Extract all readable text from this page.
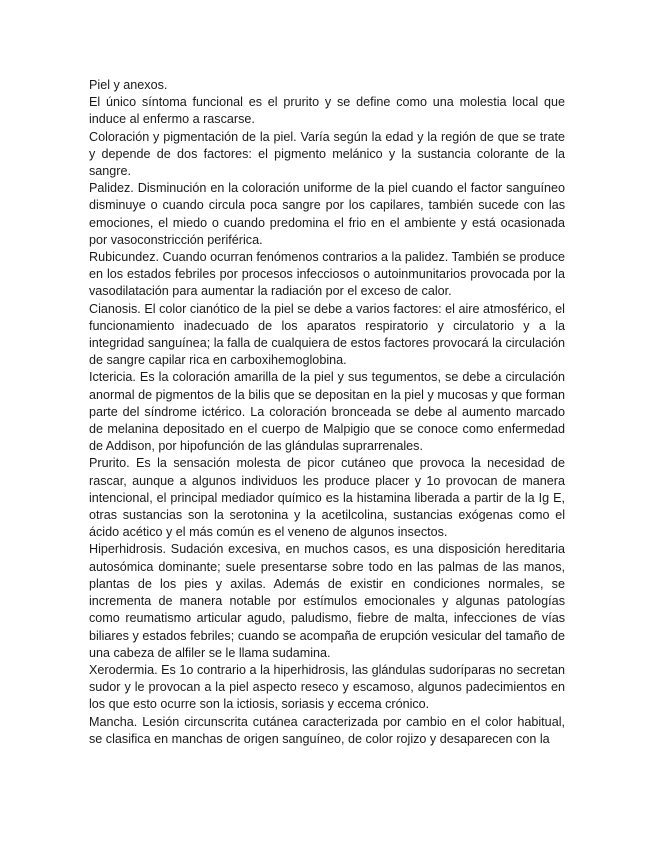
Piel y anexos.

El único síntoma funcional es el prurito y se define como una molestia local que induce al enfermo a rascarse.

Coloración y pigmentación de la piel. Varía según la edad y la región de que se trate y depende de dos factores: el pigmento melánico y la sustancia colorante de la sangre.

Palidez. Disminución en la coloración uniforme de la piel cuando el factor sanguíneo disminuye o cuando circula poca sangre por los capilares, también sucede con las emociones, el miedo o cuando predomina el frio en el ambiente y está ocasionada por vasoconstricción periférica.

Rubicundez. Cuando ocurran fenómenos contrarios a la palidez. También se produce en los estados febriles por procesos infecciosos o autoinmunitarios provocada por la vasodilatación para aumentar la radiación por el exceso de calor.

Cianosis. El color cianótico de la piel se debe a varios factores: el aire atmosférico, el funcionamiento inadecuado de los aparatos respiratorio y circulatorio y a la integridad sanguínea; la falla de cualquiera de estos factores provocará la circulación de sangre capilar rica en carboxihemoglobina.

Ictericia. Es la coloración amarilla de la piel y sus tegumentos, se debe a circulación anormal de pigmentos de la bilis que se depositan en la piel y mucosas y que forman parte del síndrome ictérico. La coloración bronceada se debe al aumento marcado de melanina depositado en el cuerpo de Malpigio que se conoce como enfermedad de Addison, por hipofunción de las glándulas suprarrenales.

Prurito. Es la sensación molesta de picor cutáneo que provoca la necesidad de rascar, aunque a algunos individuos les produce placer y 1o provocan de manera intencional, el principal mediador químico es la histamina liberada a partir de la Ig E, otras sustancias son la serotonina y la acetilcolina, sustancias exógenas como el ácido acético y el más común es el veneno de algunos insectos.

Hiperhidrosis. Sudación excesiva, en muchos casos, es una disposición hereditaria autosómica dominante; suele presentarse sobre todo en las palmas de las manos, plantas de los pies y axilas. Además de existir en condiciones normales, se incrementa de manera notable por estímulos emocionales y algunas patologías como reumatismo articular agudo, paludismo, fiebre de malta, infecciones de vías biliares y estados febriles; cuando se acompaña de erupción vesicular del tamaño de una cabeza de alfiler se le llama sudamina.

Xerodermia. Es 1o contrario a la hiperhidrosis, las glándulas sudoríparas no secretan sudor y le provocan a la piel aspecto reseco y escamoso, algunos padecimientos en los que esto ocurre son la ictiosis, soriasis y eccema crónico.

Mancha. Lesión circunscrita cutánea caracterizada por cambio en el color habitual, se clasifica en manchas de origen sanguíneo, de color rojizo y desaparecen con la
